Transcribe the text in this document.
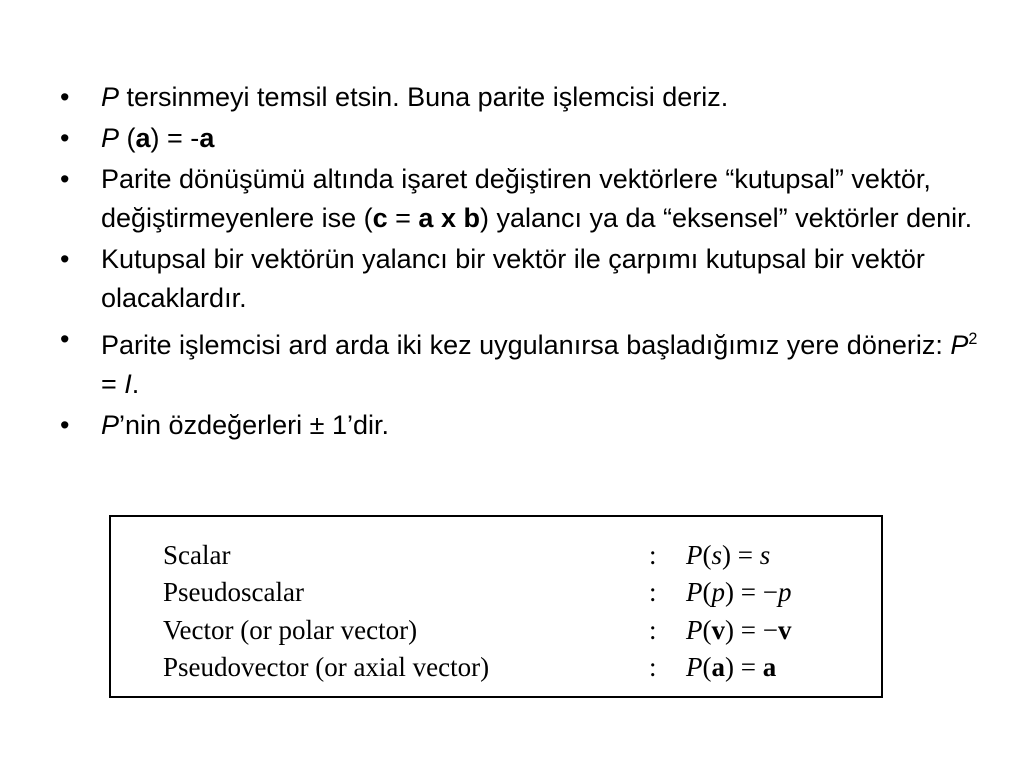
• P tersinmeyi temsil etsin. Buna parite işlemcisi deriz.
• P (a) = -a
• Parite dönüşümü altında işaret değiştiren vektörlere “kutupsal” vektör, değiştirmeyenlere ise (c = a x b) yalancı ya da “eksensel” vektörler denir.
• Kutupsal bir vektörün yalancı bir vektör ile çarpımı kutupsal bir vektör olacaklardır.
• Parite işlemcisi ard arda iki kez uygulanırsa başladığımız yere döneriz: $P^2 = I$.
• P’nin özdeğerleri ± 1’dir.
Scalar	: P(s) = s
Pseudoscalar	: P(p) = −p
Vector (or polar vector)	: P(v) = −v
Pseudovector (or axial vector)	: P(a) = a
